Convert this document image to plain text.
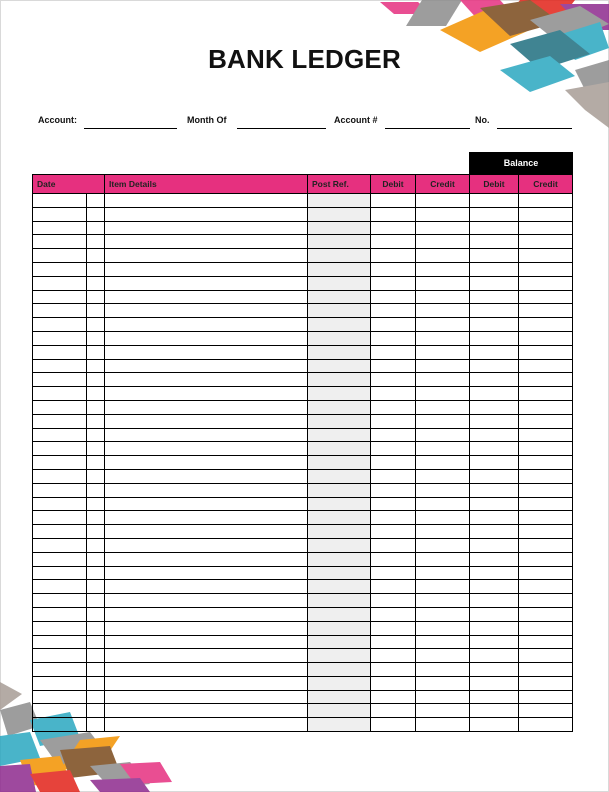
BANK LEDGER
Account:	Month Of	Account #	No.
Balance
Date		Item Details	Post Ref.	Debit	Credit	Debit	Credit
